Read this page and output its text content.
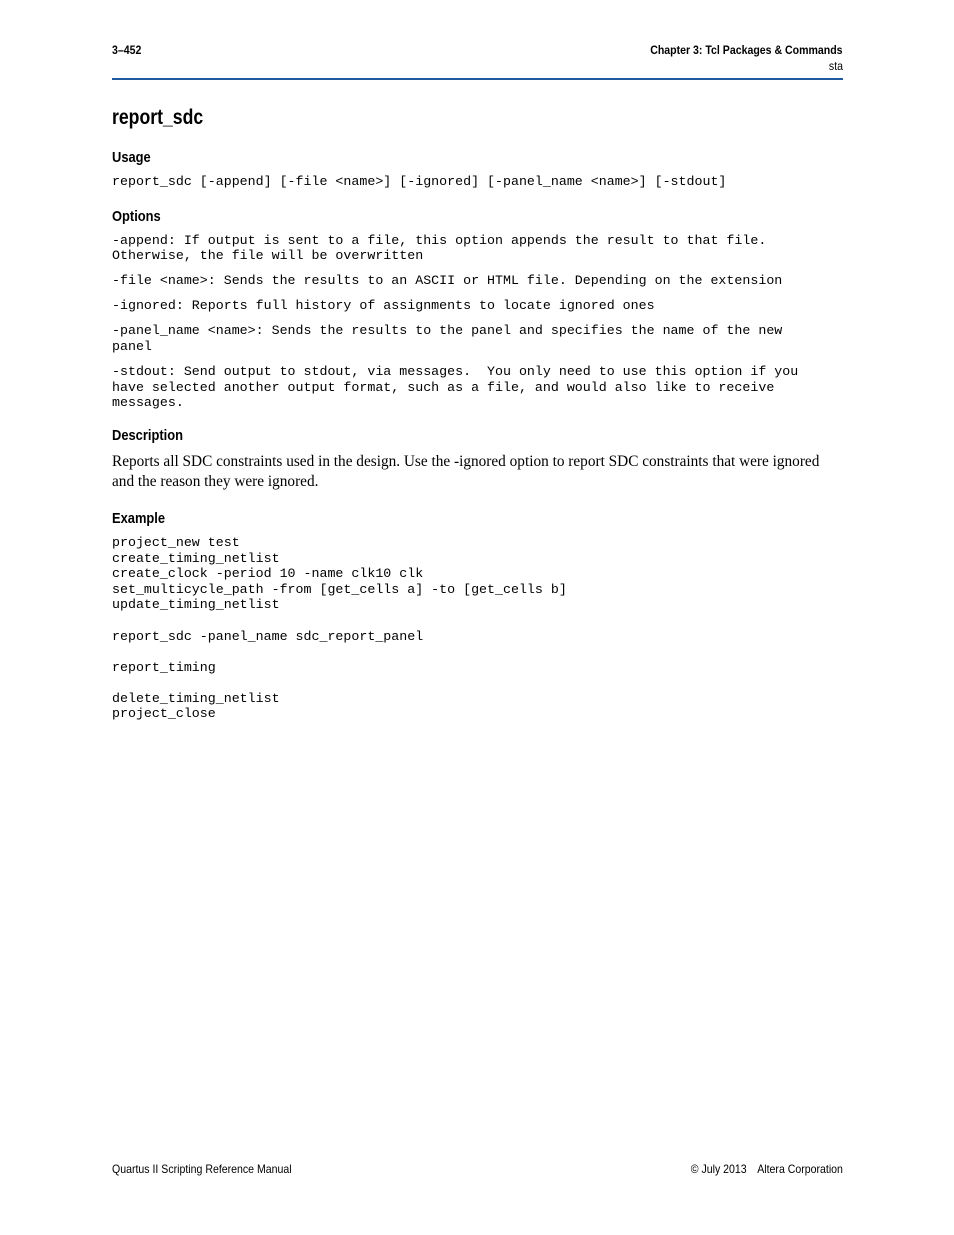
3–452	Chapter 3: Tcl Packages & Commands
sta
report_sdc
Usage
report_sdc [-append] [-file <name>] [-ignored] [-panel_name <name>] [-stdout]
Options
-append: If output is sent to a file, this option appends the result to that file.
Otherwise, the file will be overwritten
-file <name>: Sends the results to an ASCII or HTML file. Depending on the extension
-ignored: Reports full history of assignments to locate ignored ones
-panel_name <name>: Sends the results to the panel and specifies the name of the new
panel
-stdout: Send output to stdout, via messages.  You only need to use this option if you
have selected another output format, such as a file, and would also like to receive
messages.
Description

Reports all SDC constraints used in the design. Use the -ignored option to report SDC constraints that were ignored and the reason they were ignored.

Example
project_new test
create_timing_netlist
create_clock -period 10 -name clk10 clk
set_multicycle_path -from [get_cells a] -to [get_cells b]
update_timing_netlist

report_sdc -panel_name sdc_report_panel

report_timing

delete_timing_netlist
project_close
Quartus II Scripting Reference Manual	© July 2013 Altera Corporation
